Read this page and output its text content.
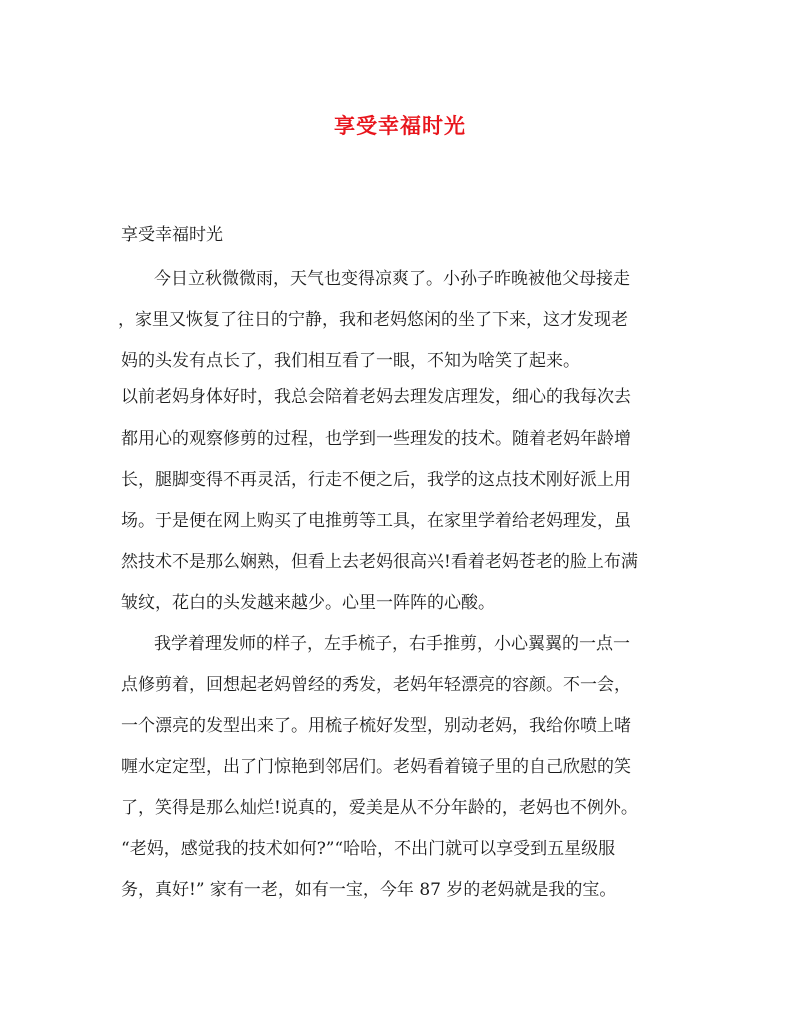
享受幸福时光
享受幸福时光
今日立秋微微雨，天气也变得凉爽了。小孙子昨晚被他父母接走
，家里又恢复了往日的宁静，我和老妈悠闲的坐了下来，这才发现老
妈的头发有点长了，我们相互看了一眼，不知为啥笑了起来。
以前老妈身体好时，我总会陪着老妈去理发店理发，细心的我每次去
都用心的观察修剪的过程，也学到一些理发的技术。随着老妈年龄增
长，腿脚变得不再灵活，行走不便之后，我学的这点技术刚好派上用
场。于是便在网上购买了电推剪等工具，在家里学着给老妈理发，虽
然技术不是那么娴熟，但看上去老妈很高兴!看着老妈苍老的脸上布满
皱纹，花白的头发越来越少。心里一阵阵的心酸。
我学着理发师的样子，左手梳子，右手推剪，小心翼翼的一点一
点修剪着，回想起老妈曾经的秀发，老妈年轻漂亮的容颜。不一会，
一个漂亮的发型出来了。用梳子梳好发型，别动老妈，我给你喷上啫
喱水定定型，出了门惊艳到邻居们。老妈看着镜子里的自己欣慰的笑
了，笑得是那么灿烂!说真的，爱美是从不分年龄的，老妈也不例外。
“老妈，感觉我的技术如何?”“哈哈，不出门就可以享受到五星级服
务，真好!” 家有一老，如有一宝，今年 87 岁的老妈就是我的宝。
